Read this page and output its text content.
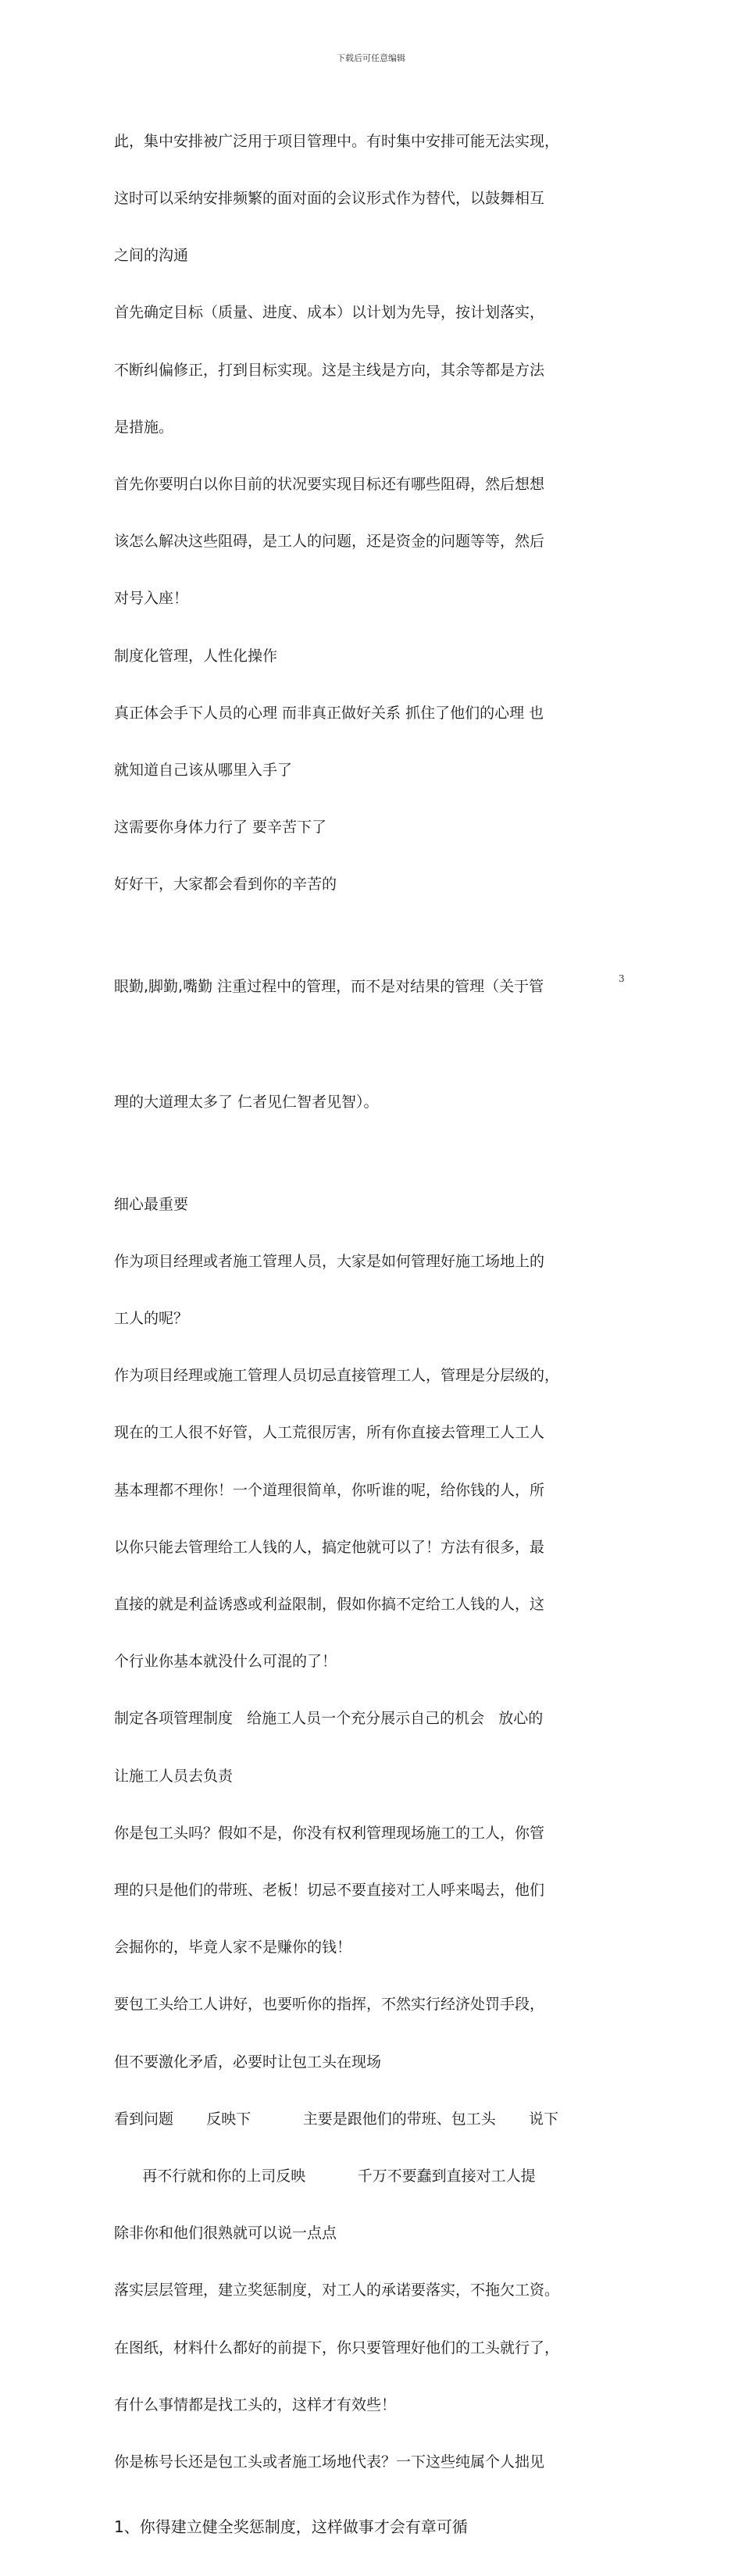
下载后可任意编辑

此，集中安排被广泛用于项目管理中。有时集中安排可能无法实现，

这时可以采纳安排频繁的面对面的会议形式作为替代，以鼓舞相互

之间的沟通

首先确定目标（质量、进度、成本）以计划为先导，按计划落实，

不断纠偏修正，打到目标实现。这是主线是方向，其余等都是方法

是措施。

首先你要明白以你目前的状况要实现目标还有哪些阻碍，然后想想

该怎么解决这些阻碍，是工人的问题，还是资金的问题等等，然后

对号入座！

制度化管理，人性化操作

真正体会手下人员的心理 而非真正做好关系 抓住了他们的心理 也

就知道自己该从哪里入手了

这需要你身体力行了 要辛苦下了

好好干，大家都会看到你的辛苦的

眼勤,脚勤,嘴勤 注重过程中的管理，而不是对结果的管理（关于管

理的大道理太多了 仁者见仁智者见智）。

细心最重要

作为项目经理或者施工管理人员，大家是如何管理好施工场地上的

工人的呢？

作为项目经理或施工管理人员切忌直接管理工人，管理是分层级的，

现在的工人很不好管，人工荒很厉害，所有你直接去管理工人工人

基本理都不理你！一个道理很简单，你听谁的呢，给你钱的人，所

以你只能去管理给工人钱的人，搞定他就可以了！方法有很多，最

直接的就是利益诱惑或利益限制，假如你搞不定给工人钱的人，这

个行业你基本就没什么可混的了！

制定各项管理制度   给施工人员一个充分展示自己的机会   放心的

让施工人员去负责

你是包工头吗？假如不是，你没有权利管理现场施工的工人，你管

理的只是他们的带班、老板！切忌不要直接对工人呼来喝去，他们

会掘你的，毕竟人家不是赚你的钱！

要包工头给工人讲好，也要听你的指挥，不然实行经济处罚手段，

但不要激化矛盾，必要时让包工头在现场

看到问题       反映下           主要是跟他们的带班、包工头       说下

再不行就和你的上司反映           千万不要蠢到直接对工人提

除非你和他们很熟就可以说一点点

落实层层管理，建立奖惩制度，对工人的承诺要落实，不拖欠工资。

在图纸，材料什么都好的前提下，你只要管理好他们的工头就行了，

有什么事情都是找工头的，这样才有效些！

你是栋号长还是包工头或者施工场地代表？一下这些纯属个人拙见

1、你得建立健全奖惩制度，这样做事才会有章可循

3
